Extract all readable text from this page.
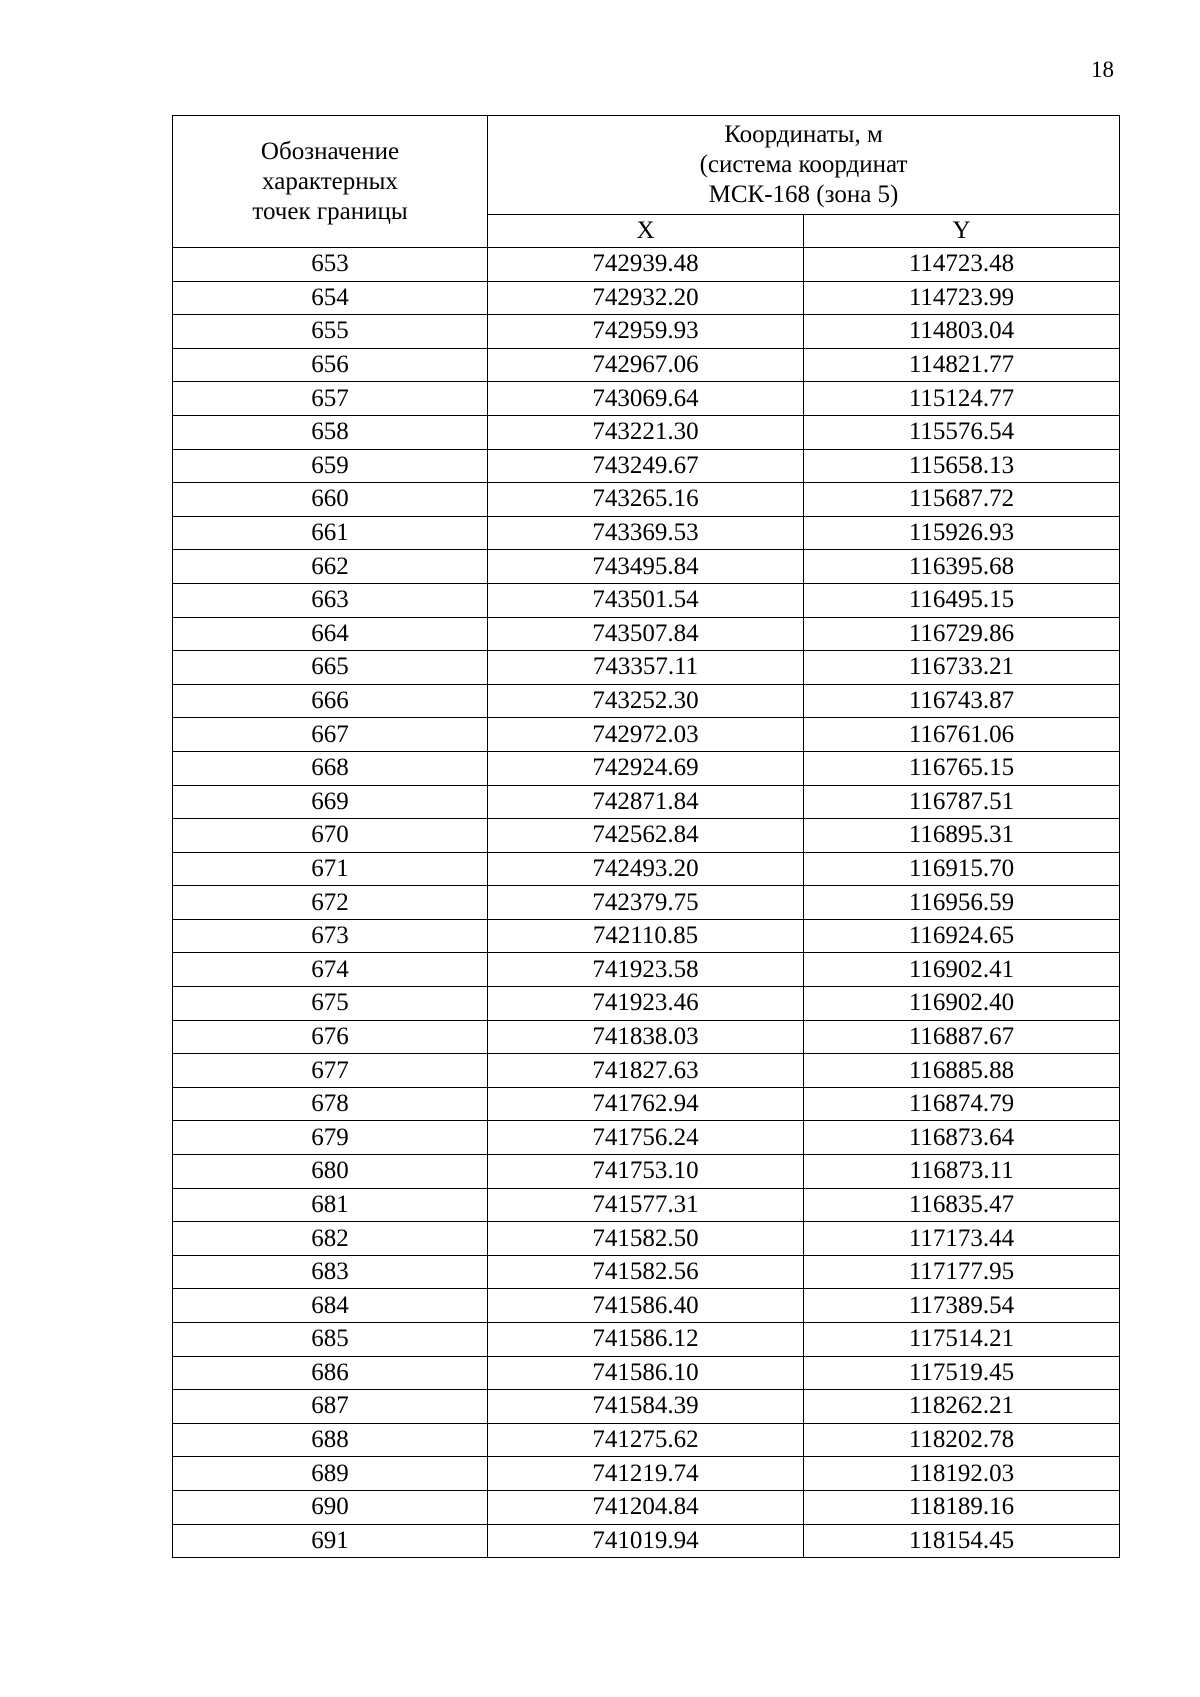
18
Обозначение
характерных
точек границы	Координаты, м
(система координат
МСК-168 (зона 5)	

	X	Y
653	742939.48	114723.48
654	742932.20	114723.99
655	742959.93	114803.04
656	742967.06	114821.77
657	743069.64	115124.77
658	743221.30	115576.54
659	743249.67	115658.13
660	743265.16	115687.72
661	743369.53	115926.93
662	743495.84	116395.68
663	743501.54	116495.15
664	743507.84	116729.86
665	743357.11	116733.21
666	743252.30	116743.87
667	742972.03	116761.06
668	742924.69	116765.15
669	742871.84	116787.51
670	742562.84	116895.31
671	742493.20	116915.70
672	742379.75	116956.59
673	742110.85	116924.65
674	741923.58	116902.41
675	741923.46	116902.40
676	741838.03	116887.67
677	741827.63	116885.88
678	741762.94	116874.79
679	741756.24	116873.64
680	741753.10	116873.11
681	741577.31	116835.47
682	741582.50	117173.44
683	741582.56	117177.95
684	741586.40	117389.54
685	741586.12	117514.21
686	741586.10	117519.45
687	741584.39	118262.21
688	741275.62	118202.78
689	741219.74	118192.03
690	741204.84	118189.16
691	741019.94	118154.45
